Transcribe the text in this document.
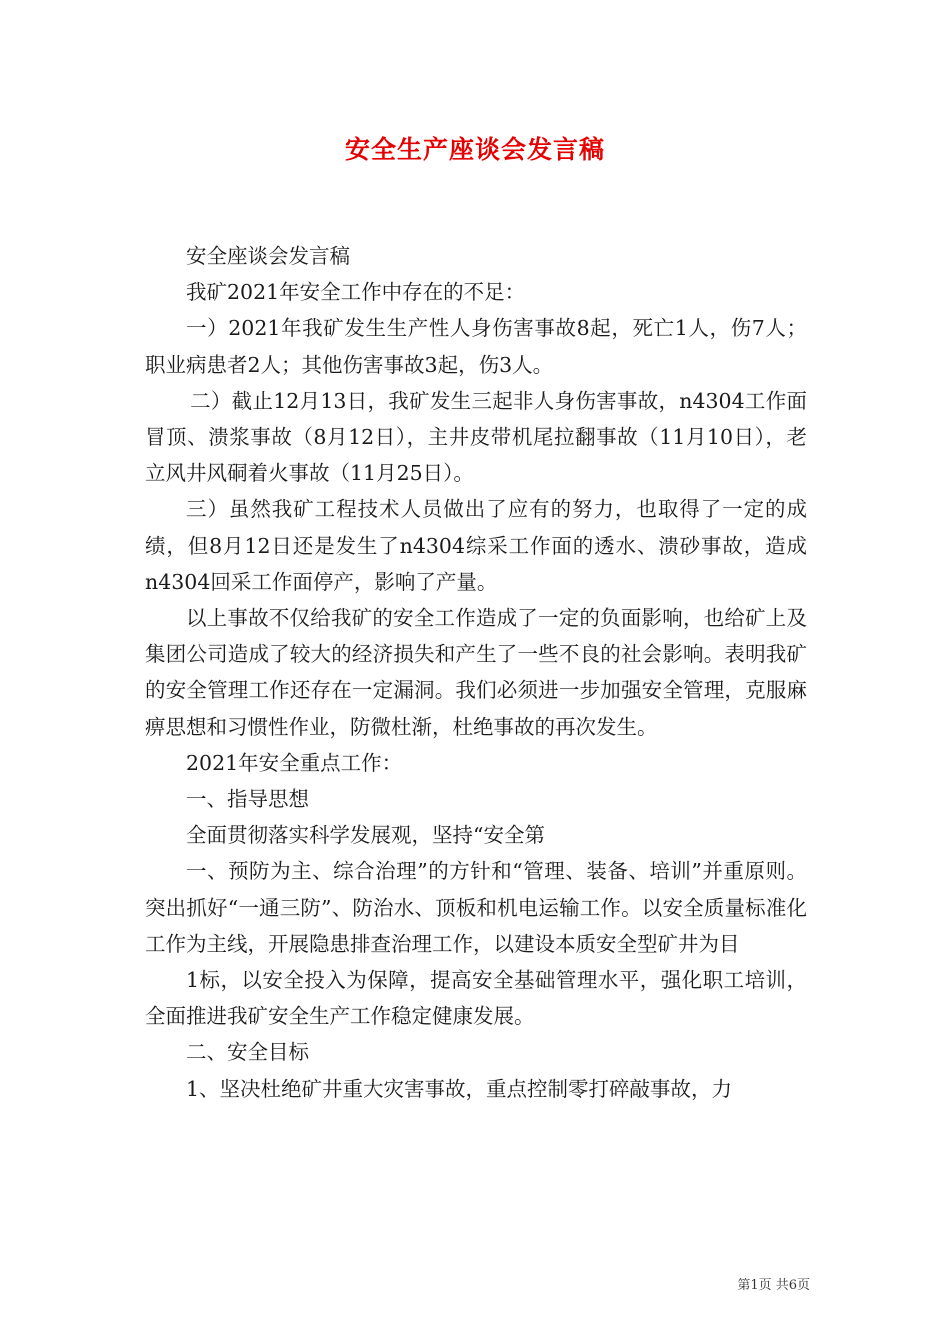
安全生产座谈会发言稿

安全座谈会发言稿

我矿2021年安全工作中存在的不足：

一）2021年我矿发生生产性人身伤害事故8起，死亡1人，伤7人；职业病患者2人；其他伤害事故3起，伤3人。

二）截止12月13日，我矿发生三起非人身伤害事故，n4304工作面冒顶、溃浆事故（8月12日），主井皮带机尾拉翻事故（11月10日），老立风井风硐着火事故（11月25日）。

三）虽然我矿工程技术人员做出了应有的努力，也取得了一定的成绩，但8月12日还是发生了n4304综采工作面的透水、溃砂事故，造成n4304回采工作面停产，影响了产量。

以上事故不仅给我矿的安全工作造成了一定的负面影响，也给矿上及集团公司造成了较大的经济损失和产生了一些不良的社会影响。表明我矿的安全管理工作还存在一定漏洞。我们必须进一步加强安全管理，克服麻痹思想和习惯性作业，防微杜渐，杜绝事故的再次发生。

2021年安全重点工作：

一、指导思想

全面贯彻落实科学发展观，坚持“安全第

一、预防为主、综合治理”的方针和“管理、装备、培训”并重原则。突出抓好“一通三防”、防治水、顶板和机电运输工作。以安全质量标准化工作为主线，开展隐患排查治理工作，以建设本质安全型矿井为目

1标，以安全投入为保障，提高安全基础管理水平，强化职工培训，全面推进我矿安全生产工作稳定健康发展。

二、安全目标

1、坚决杜绝矿井重大灾害事故，重点控制零打碎敲事故，力

第1页 共6页
